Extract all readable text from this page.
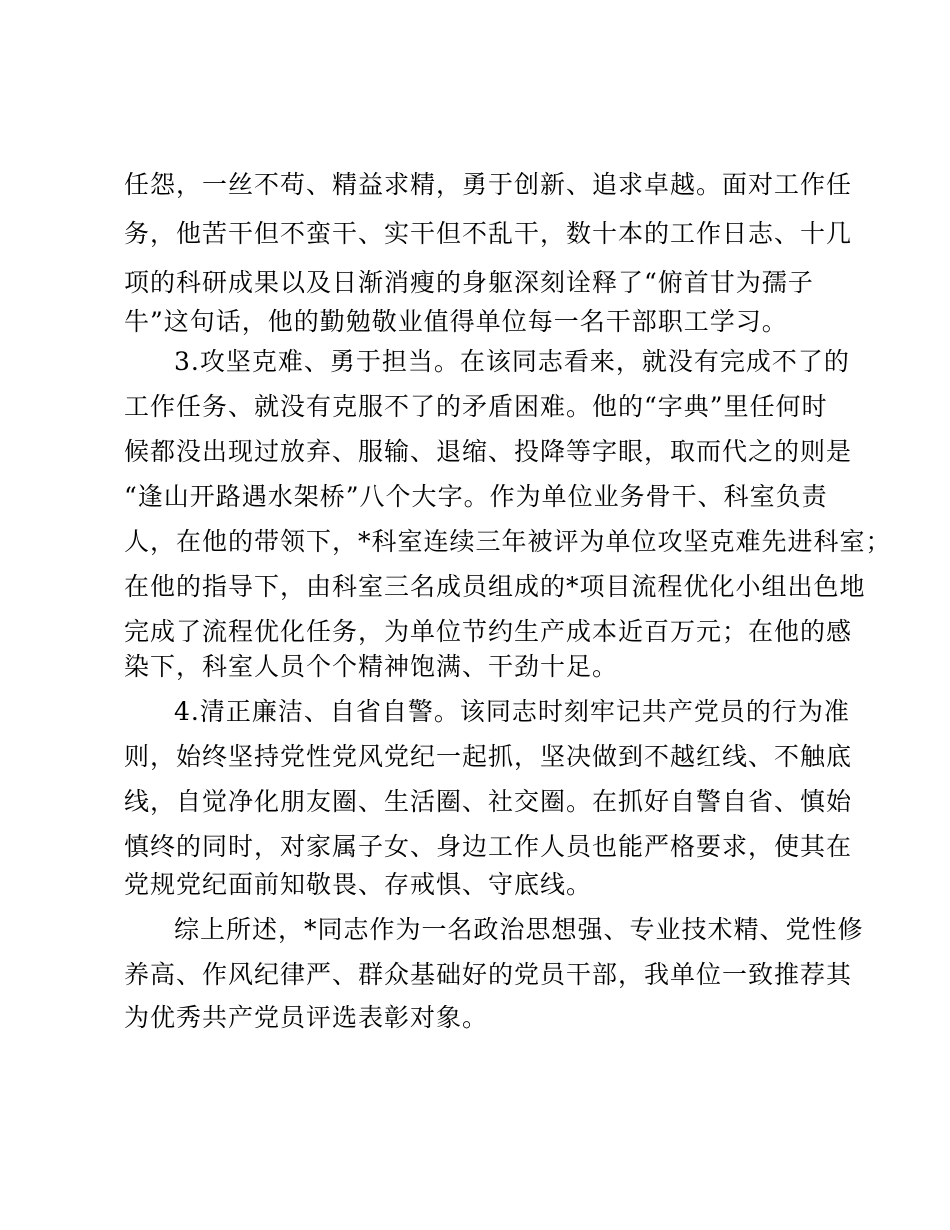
任怨，一丝不苟、精益求精，勇于创新、追求卓越。面对工作任
务，他苦干但不蛮干、实干但不乱干，数十本的工作日志、十几
项的科研成果以及日渐消瘦的身躯深刻诠释了“俯首甘为孺子
牛”这句话，他的勤勉敬业值得单位每一名干部职工学习。
3.攻坚克难、勇于担当。在该同志看来，就没有完成不了的
工作任务、就没有克服不了的矛盾困难。他的“字典”里任何时
候都没出现过放弃、服输、退缩、投降等字眼，取而代之的则是
“逢山开路遇水架桥”八个大字。作为单位业务骨干、科室负责
人，在他的带领下，*科室连续三年被评为单位攻坚克难先进科室；
在他的指导下，由科室三名成员组成的*项目流程优化小组出色地
完成了流程优化任务，为单位节约生产成本近百万元；在他的感
染下，科室人员个个精神饱满、干劲十足。
4.清正廉洁、自省自警。该同志时刻牢记共产党员的行为准
则，始终坚持党性党风党纪一起抓，坚决做到不越红线、不触底
线，自觉净化朋友圈、生活圈、社交圈。在抓好自警自省、慎始
慎终的同时，对家属子女、身边工作人员也能严格要求，使其在
党规党纪面前知敬畏、存戒惧、守底线。
综上所述，*同志作为一名政治思想强、专业技术精、党性修
养高、作风纪律严、群众基础好的党员干部，我单位一致推荐其
为优秀共产党员评选表彰对象。
